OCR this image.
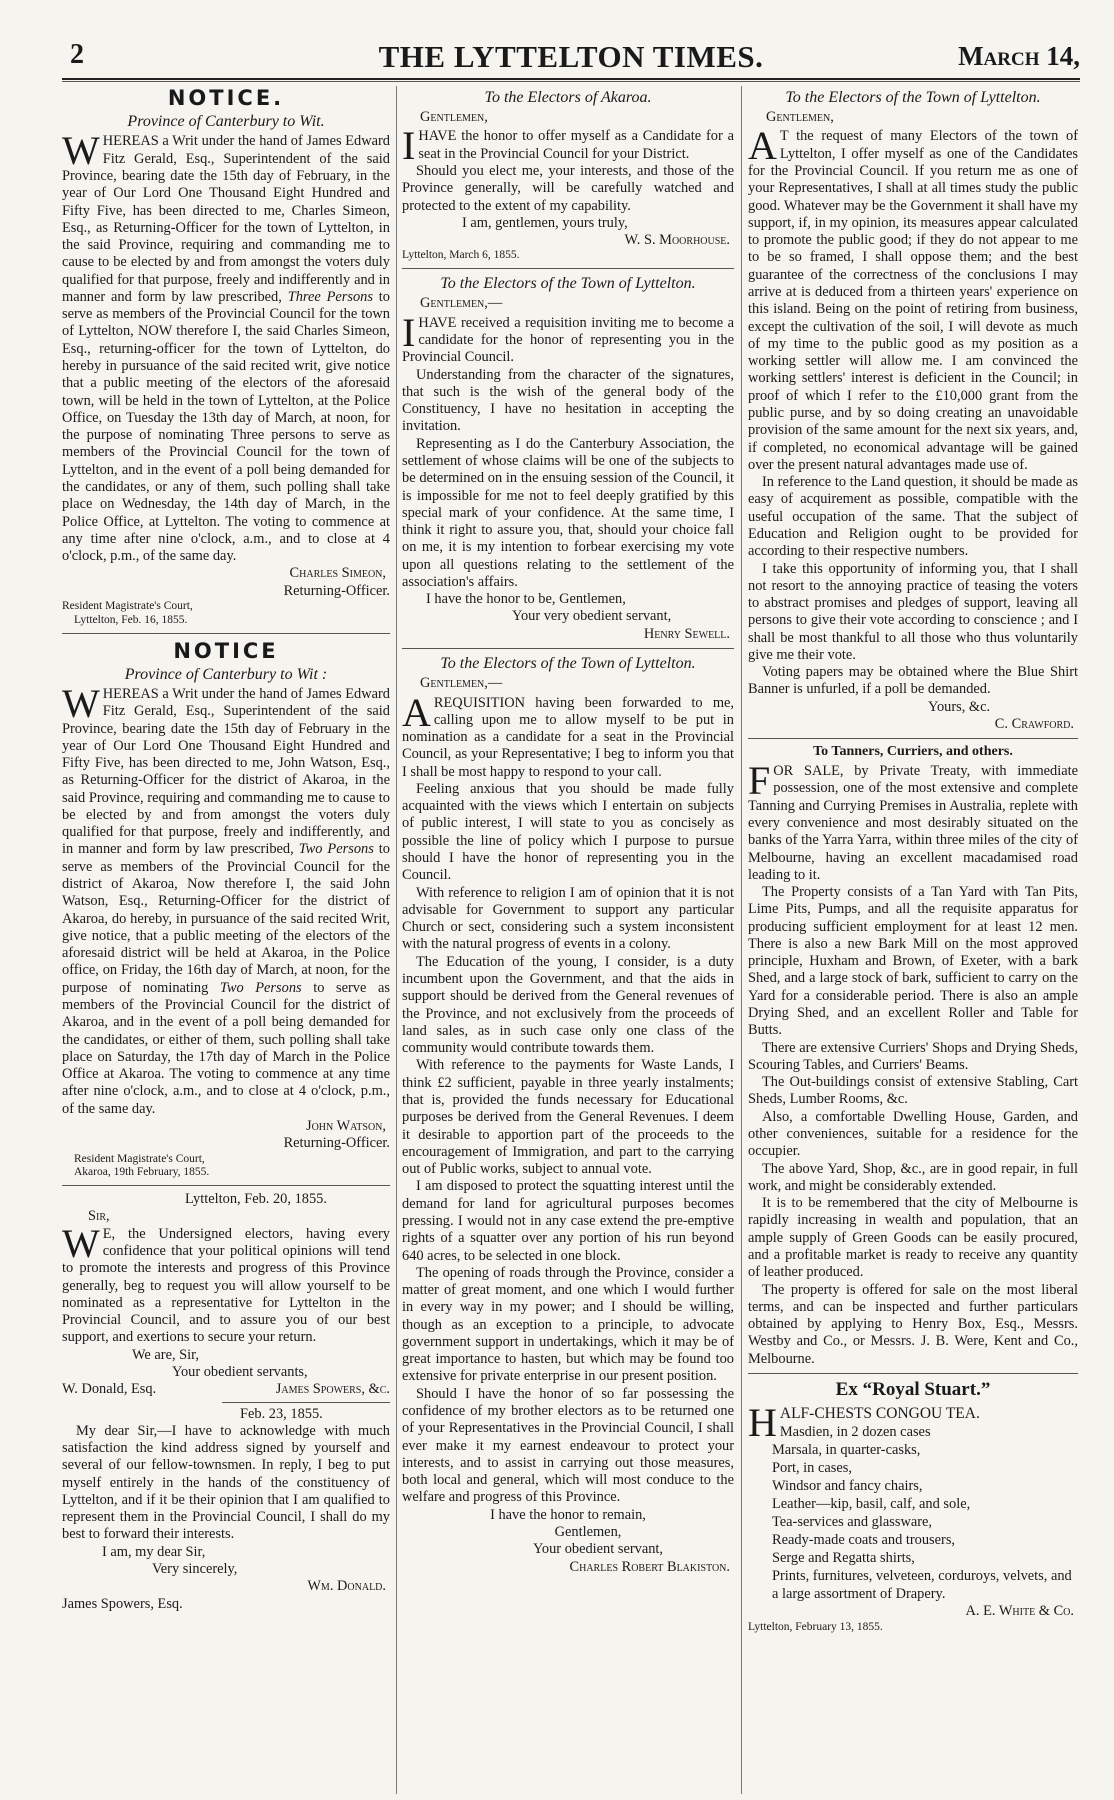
2	THE LYTTELTON TIMES.	March 14,
NOTICE.
Province of Canterbury to Wit.

WHEREAS a Writ under the hand of James Edward Fitz Gerald, Esq., Superintendent of the said Province, bearing date the 15th day of February, in the year of Our Lord One Thousand Eight Hundred and Fifty Five, has been directed to me, Charles Simeon, Esq., as Returning-Officer for the town of Lyttelton, in the said Province, requiring and commanding me to cause to be elected by and from amongst the voters duly qualified for that purpose, freely and indifferently and in manner and form by law prescribed, Three Persons to serve as members of the Provincial Council for the town of Lyttelton, NOW therefore I, the said Charles Simeon, Esq., returning-officer for the town of Lyttelton, do hereby in pursuance of the said recited writ, give notice that a public meeting of the electors of the aforesaid town, will be held in the town of Lyttelton, at the Police Office, on Tuesday the 13th day of March, at noon, for the purpose of nominating Three persons to serve as members of the Provincial Council for the town of Lyttelton, and in the event of a poll being demanded for the candidates, or any of them, such polling shall take place on Wednesday, the 14th day of March, in the Police Office, at Lyttelton. The voting to commence at any time after nine o'clock, a.m., and to close at 4 o'clock, p.m., of the same day.

Charles Simeon,
Returning-Officer.
Resident Magistrate's Court,
Lyttelton, Feb. 16, 1855.
NOTICE
Province of Canterbury to Wit :

WHEREAS a Writ under the hand of James Edward Fitz Gerald, Esq., Superintendent of the said Province, bearing date the 15th day of February in the year of Our Lord One Thousand Eight Hundred and Fifty Five, has been directed to me, John Watson, Esq., as Returning-Officer for the district of Akaroa, in the said Province, requiring and commanding me to cause to be elected by and from amongst the voters duly qualified for that purpose, freely and indifferently, and in manner and form by law prescribed, Two Persons to serve as members of the Provincial Council for the district of Akaroa, Now therefore I, the said John Watson, Esq., Returning-Officer for the district of Akaroa, do hereby, in pursuance of the said recited Writ, give notice, that a public meeting of the electors of the aforesaid district will be held at Akaroa, in the Police office, on Friday, the 16th day of March, at noon, for the purpose of nominating Two Persons to serve as members of the Provincial Council for the district of Akaroa, and in the event of a poll being demanded for the candidates, or either of them, such polling shall take place on Saturday, the 17th day of March in the Police Office at Akaroa. The voting to commence at any time after nine o'clock, a.m., and to close at 4 o'clock, p.m., of the same day.

John Watson,
Returning-Officer.
Resident Magistrate's Court,
Akaroa, 19th February, 1855.
Lyttelton, Feb. 20, 1855.
Sir,

W E, the Undersigned electors, having every confidence that your political opinions will tend to promote the interests and progress of this Province generally, beg to request you will allow yourself to be nominated as a representative for Lyttelton in the Provincial Council, and to assure you of our best support, and exertions to secure your return.

We are, Sir,
Your obedient servants,
W. Donald, Esq.	James Spowers, &c.
Feb. 23, 1855.

My dear Sir,—I have to acknowledge with much satisfaction the kind address signed by yourself and several of our fellow-townsmen. In reply, I beg to put myself entirely in the hands of the constituency of Lyttelton, and if it be their opinion that I am qualified to represent them in the Provincial Council, I shall do my best to forward their interests.

I am, my dear Sir,
Very sincerely,
Wm. Donald.
James Spowers, Esq.
To the Electors of Akaroa.
Gentlemen,

IHAVE the honor to offer myself as a Candidate for a seat in the Provincial Council for your District.

Should you elect me, your interests, and those of the Province generally, will be carefully watched and protected to the extent of my capability.

I am, gentlemen, yours truly,
W. S. Moorhouse.
Lyttelton, March 6, 1855.
To the Electors of the Town of Lyttelton.
Gentlemen,—

IHAVE received a requisition inviting me to become a candidate for the honor of representing you in the Provincial Council.

Understanding from the character of the signatures, that such is the wish of the general body of the Constituency, I have no hesitation in accepting the invitation.

Representing as I do the Canterbury Association, the settlement of whose claims will be one of the subjects to be determined on in the ensuing session of the Council, it is impossible for me not to feel deeply gratified by this special mark of your confidence. At the same time, I think it right to assure you, that, should your choice fall on me, it is my intention to forbear exercising my vote upon all questions relating to the settlement of the association's affairs.

I have the honor to be, Gentlemen,
Your very obedient servant,
Henry Sewell.
To the Electors of the Town of Lyttelton.
Gentlemen,—

AREQUISITION having been forwarded to me, calling upon me to allow myself to be put in nomination as a candidate for a seat in the Provincial Council, as your Representative; I beg to inform you that I shall be most happy to respond to your call.

Feeling anxious that you should be made fully acquainted with the views which I entertain on subjects of public interest, I will state to you as concisely as possible the line of policy which I purpose to pursue should I have the honor of representing you in the Council.

With reference to religion I am of opinion that it is not advisable for Government to support any particular Church or sect, considering such a system inconsistent with the natural progress of events in a colony.

The Education of the young, I consider, is a duty incumbent upon the Government, and that the aids in support should be derived from the General revenues of the Province, and not exclusively from the proceeds of land sales, as in such case only one class of the community would contribute towards them.

With reference to the payments for Waste Lands, I think £2 sufficient, payable in three yearly instalments; that is, provided the funds necessary for Educational purposes be derived from the General Revenues. I deem it desirable to apportion part of the proceeds to the encouragement of Immigration, and part to the carrying out of Public works, subject to annual vote.

I am disposed to protect the squatting interest until the demand for land for agricultural purposes becomes pressing. I would not in any case extend the pre-emptive rights of a squatter over any portion of his run beyond 640 acres, to be selected in one block.

The opening of roads through the Province, consider a matter of great moment, and one which I would further in every way in my power; and I should be willing, though as an exception to a principle, to advocate government support in undertakings, which it may be of great importance to hasten, but which may be found too extensive for private enterprise in our present position.

Should I have the honor of so far possessing the confidence of my brother electors as to be returned one of your Representatives in the Provincial Council, I shall ever make it my earnest endeavour to protect your interests, and to assist in carrying out those measures, both local and general, which will most conduce to the welfare and progress of this Province.

I have the honor to remain,
Gentlemen,
Your obedient servant,
Charles Robert Blakiston.
To the Electors of the Town of Lyttelton.
Gentlemen,

A T the request of many Electors of the town of Lyttelton, I offer myself as one of the Candidates for the Provincial Council. If you return me as one of your Representatives, I shall at all times study the public good. Whatever may be the Government it shall have my support, if, in my opinion, its measures appear calculated to promote the public good; if they do not appear to me to be so framed, I shall oppose them; and the best guarantee of the correctness of the conclusions I may arrive at is deduced from a thirteen years' experience on this island. Being on the point of retiring from business, except the cultivation of the soil, I will devote as much of my time to the public good as my position as a working settler will allow me. I am convinced the working settlers' interest is deficient in the Council; in proof of which I refer to the £10,000 grant from the public purse, and by so doing creating an unavoidable provision of the same amount for the next six years, and, if completed, no economical advantage will be gained over the present natural advantages made use of.

In reference to the Land question, it should be made as easy of acquirement as possible, compatible with the useful occupation of the same. That the subject of Education and Religion ought to be provided for according to their respective numbers.

I take this opportunity of informing you, that I shall not resort to the annoying practice of teasing the voters to abstract promises and pledges of support, leaving all persons to give their vote according to conscience ; and I shall be most thankful to all those who thus voluntarily give me their vote.

Voting papers may be obtained where the Blue Shirt Banner is unfurled, if a poll be demanded.

Yours, &c.
C. Crawford.
To Tanners, Curriers, and others.

FOR SALE, by Private Treaty, with immediate possession, one of the most extensive and complete Tanning and Currying Premises in Australia, replete with every convenience and most desirably situated on the banks of the Yarra Yarra, within three miles of the city of Melbourne, having an excellent macadamised road leading to it.

The Property consists of a Tan Yard with Tan Pits, Lime Pits, Pumps, and all the requisite apparatus for producing sufficient employment for at least 12 men. There is also a new Bark Mill on the most approved principle, Huxham and Brown, of Exeter, with a bark Shed, and a large stock of bark, sufficient to carry on the Yard for a considerable period. There is also an ample Drying Shed, and an excellent Roller and Table for Butts.

There are extensive Curriers' Shops and Drying Sheds, Scouring Tables, and Curriers' Beams.

The Out-buildings consist of extensive Stabling, Cart Sheds, Lumber Rooms, &c.

Also, a comfortable Dwelling House, Garden, and other conveniences, suitable for a residence for the occupier.

The above Yard, Shop, &c., are in good repair, in full work, and might be considerably extended.

It is to be remembered that the city of Melbourne is rapidly increasing in wealth and population, that an ample supply of Green Goods can be easily procured, and a profitable market is ready to receive any quantity of leather produced.

The property is offered for sale on the most liberal terms, and can be inspected and further particulars obtained by applying to Henry Box, Esq., Messrs. Westby and Co., or Messrs. J. B. Were, Kent and Co., Melbourne.

Ex “Royal Stuart.”

HALF-CHESTS CONGOU TEA.

Masdien, in 2 dozen cases
Marsala, in quarter-casks,
Port, in cases,
Windsor and fancy chairs,
Leather—kip, basil, calf, and sole,
Tea-services and glassware,
Ready-made coats and trousers,
Serge and Regatta shirts,
Prints, furnitures, velveteen, corduroys, velvets, and a large assortment of Drapery.
A. E. White & Co.
Lyttelton, February 13, 1855.
